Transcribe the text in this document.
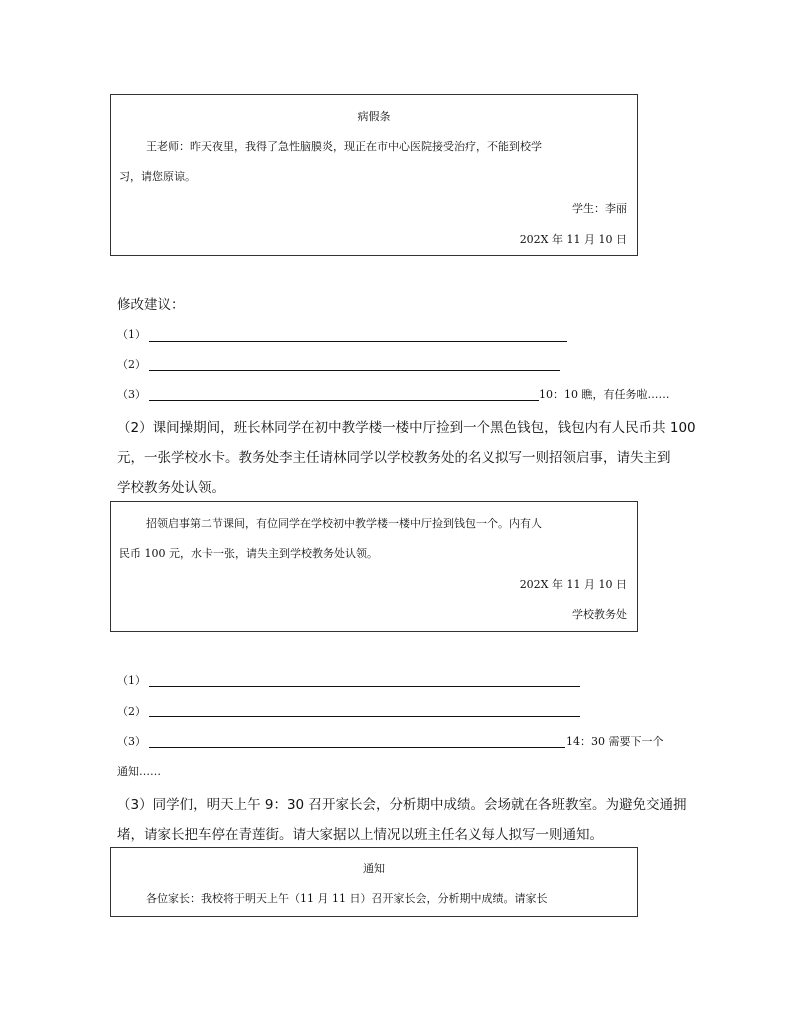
病假条
王老师：昨天夜里，我得了急性脑膜炎，现正在市中心医院接受治疗，不能到校学
习，请您原谅。
学生：李丽
202X 年 11 月 10 日
修改建议：
（1）
（2）
（3）	10：10 瞧，有任务啦……
（2）课间操期间，班长林同学在初中教学楼一楼中厅捡到一个黑色钱包，钱包内有人民币共 100
元，一张学校水卡。教务处李主任请林同学以学校教务处的名义拟写一则招领启事，请失主到
学校教务处认领。
招领启事第二节课间，有位同学在学校初中教学楼一楼中厅捡到钱包一个。内有人
民币 100 元，水卡一张，请失主到学校教务处认领。
202X 年 11 月 10 日
学校教务处
（1）
（2）
（3）	14：30 需要下一个
通知……
（3）同学们，明天上午 9：30 召开家长会，分析期中成绩。会场就在各班教室。为避免交通拥
堵，请家长把车停在青莲街。请大家据以上情况以班主任名义每人拟写一则通知。
通知
各位家长：我校将于明天上午（11 月 11 日）召开家长会，分析期中成绩。请家长
